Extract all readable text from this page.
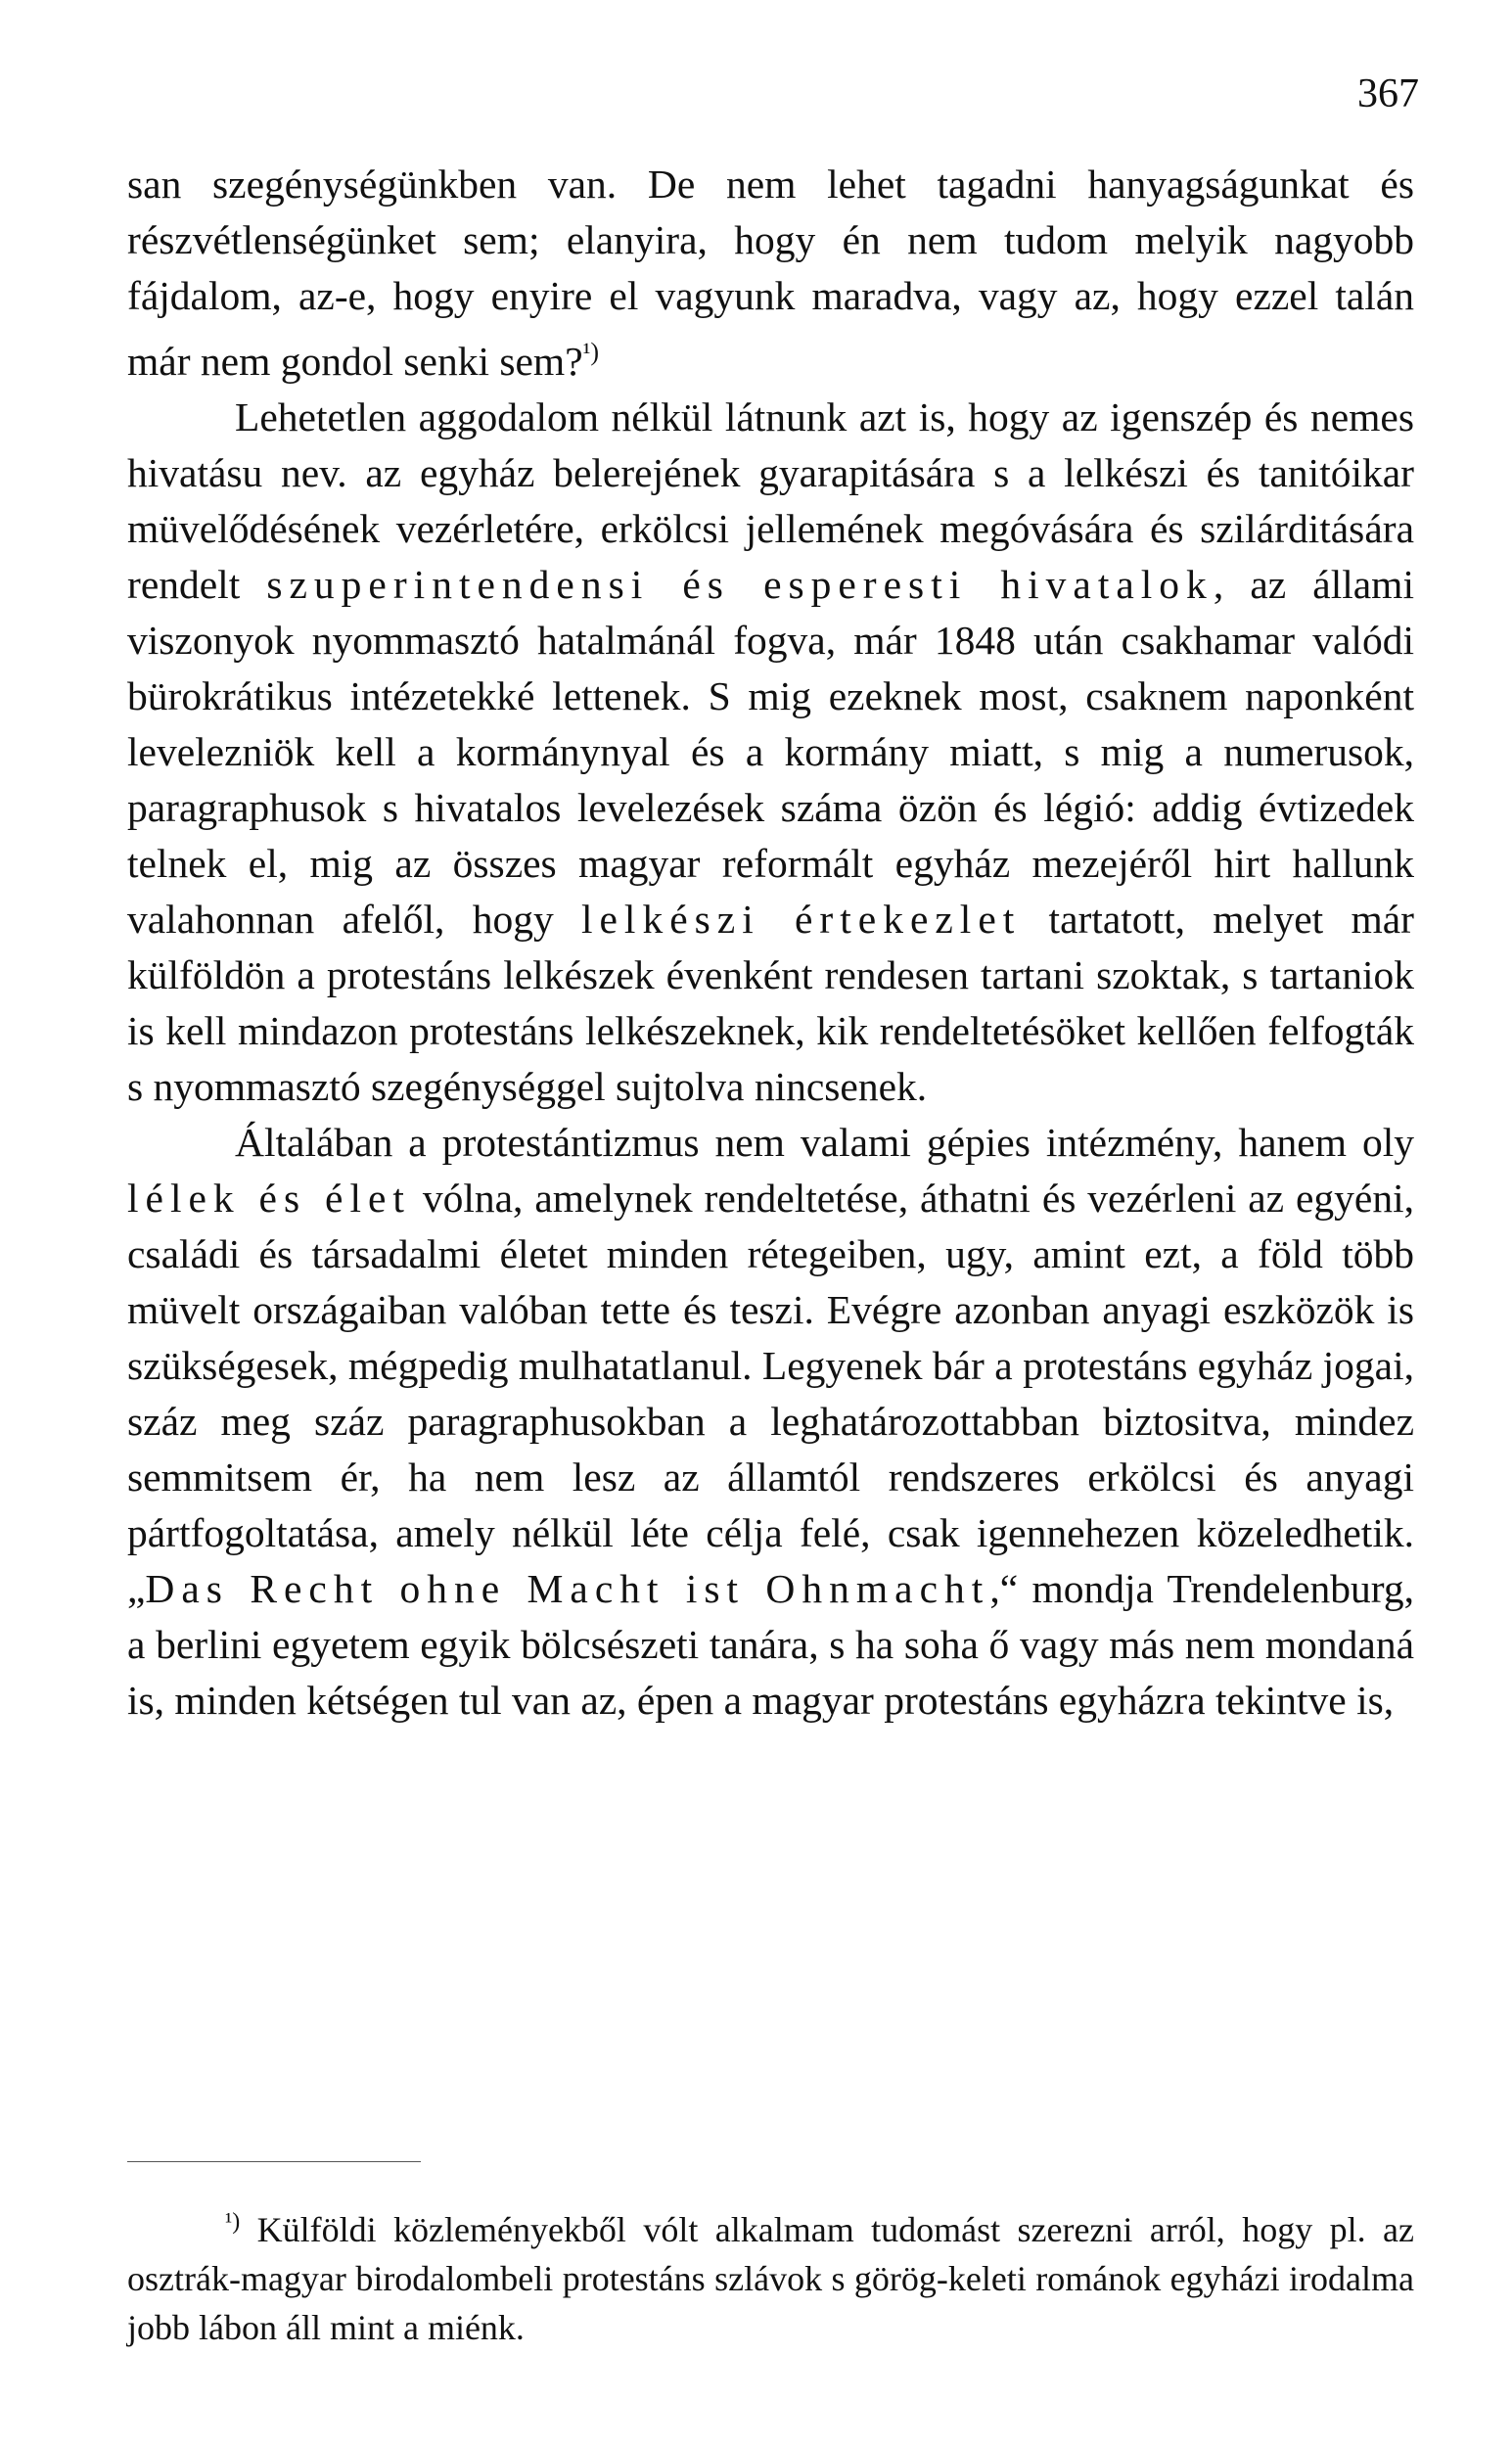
367

san szegénységünkben van. De nem lehet tagadni hanyagságunkat és részvétlenségünket sem; elanyira, hogy én nem tudom melyik nagyobb fájdalom, az-e, hogy enyire el vagyunk maradva, vagy az, hogy ezzel talán már nem gondol senki sem?$^{^1)}$

Lehetetlen aggodalom nélkül látnunk azt is, hogy az igenszép és nemes hivatásu nev. az egyház belerejének gyarapitására s a lelkészi és tanitóikar müvelődésének vezérletére, erkölcsi jellemének megóvására és szilárditására rendelt szuperintendensi és esperesti hivatalok, az állami viszonyok nyommasztó hatalmánál fogva, már 1848 után csakhamar valódi bürokrátikus intézetekké lettenek. S mig ezeknek most, csaknem naponként levelezniök kell a kormánynyal és a kormány miatt, s mig a numerusok, paragraphusok s hivatalos levelezések száma özön és légió: addig évtizedek telnek el, mig az összes magyar reformált egyház mezejéről hirt hallunk valahonnan afelől, hogy lelkészi értekezlet tartatott, melyet már külföldön a protestáns lelkészek évenként rendesen tartani szoktak, s tartaniok is kell mindazon protestáns lelkészeknek, kik rendeltetésöket kellően felfogták s nyommasztó szegénységgel sujtolva nincsenek.

Általában a protestántizmus nem valami gépies intézmény, hanem oly lélek és élet vólna, amelynek rendeltetése, áthatni és vezérleni az egyéni, családi és társadalmi életet minden rétegeiben, ugy, amint ezt, a föld több müvelt országaiban valóban tette és teszi. Evégre azonban anyagi eszközök is szükségesek, mégpedig mulhatatlanul. Legyenek bár a protestáns egyház jogai, száz meg száz paragraphusokban a leghatározottabban biztositva, mindez semmitsem ér, ha nem lesz az államtól rendszeres erkölcsi és anyagi pártfogoltatása, amely nélkül léte célja felé, csak igennehezen közeledhetik. „Das Recht ohne Macht ist Ohnmacht,“ mondja Trendelenburg, a berlini egyetem egyik bölcsészeti tanára, s ha soha ő vagy más nem mondaná is, minden kétségen tul van az, épen a magyar protestáns egyházra tekintve is,

$^{^1)}$ Külföldi közleményekből vólt alkalmam tudomást szerezni arról, hogy pl. az osztrák-magyar birodalombeli protestáns szlávok s görög-keleti románok egyházi irodalma jobb lábon áll mint a miénk.
